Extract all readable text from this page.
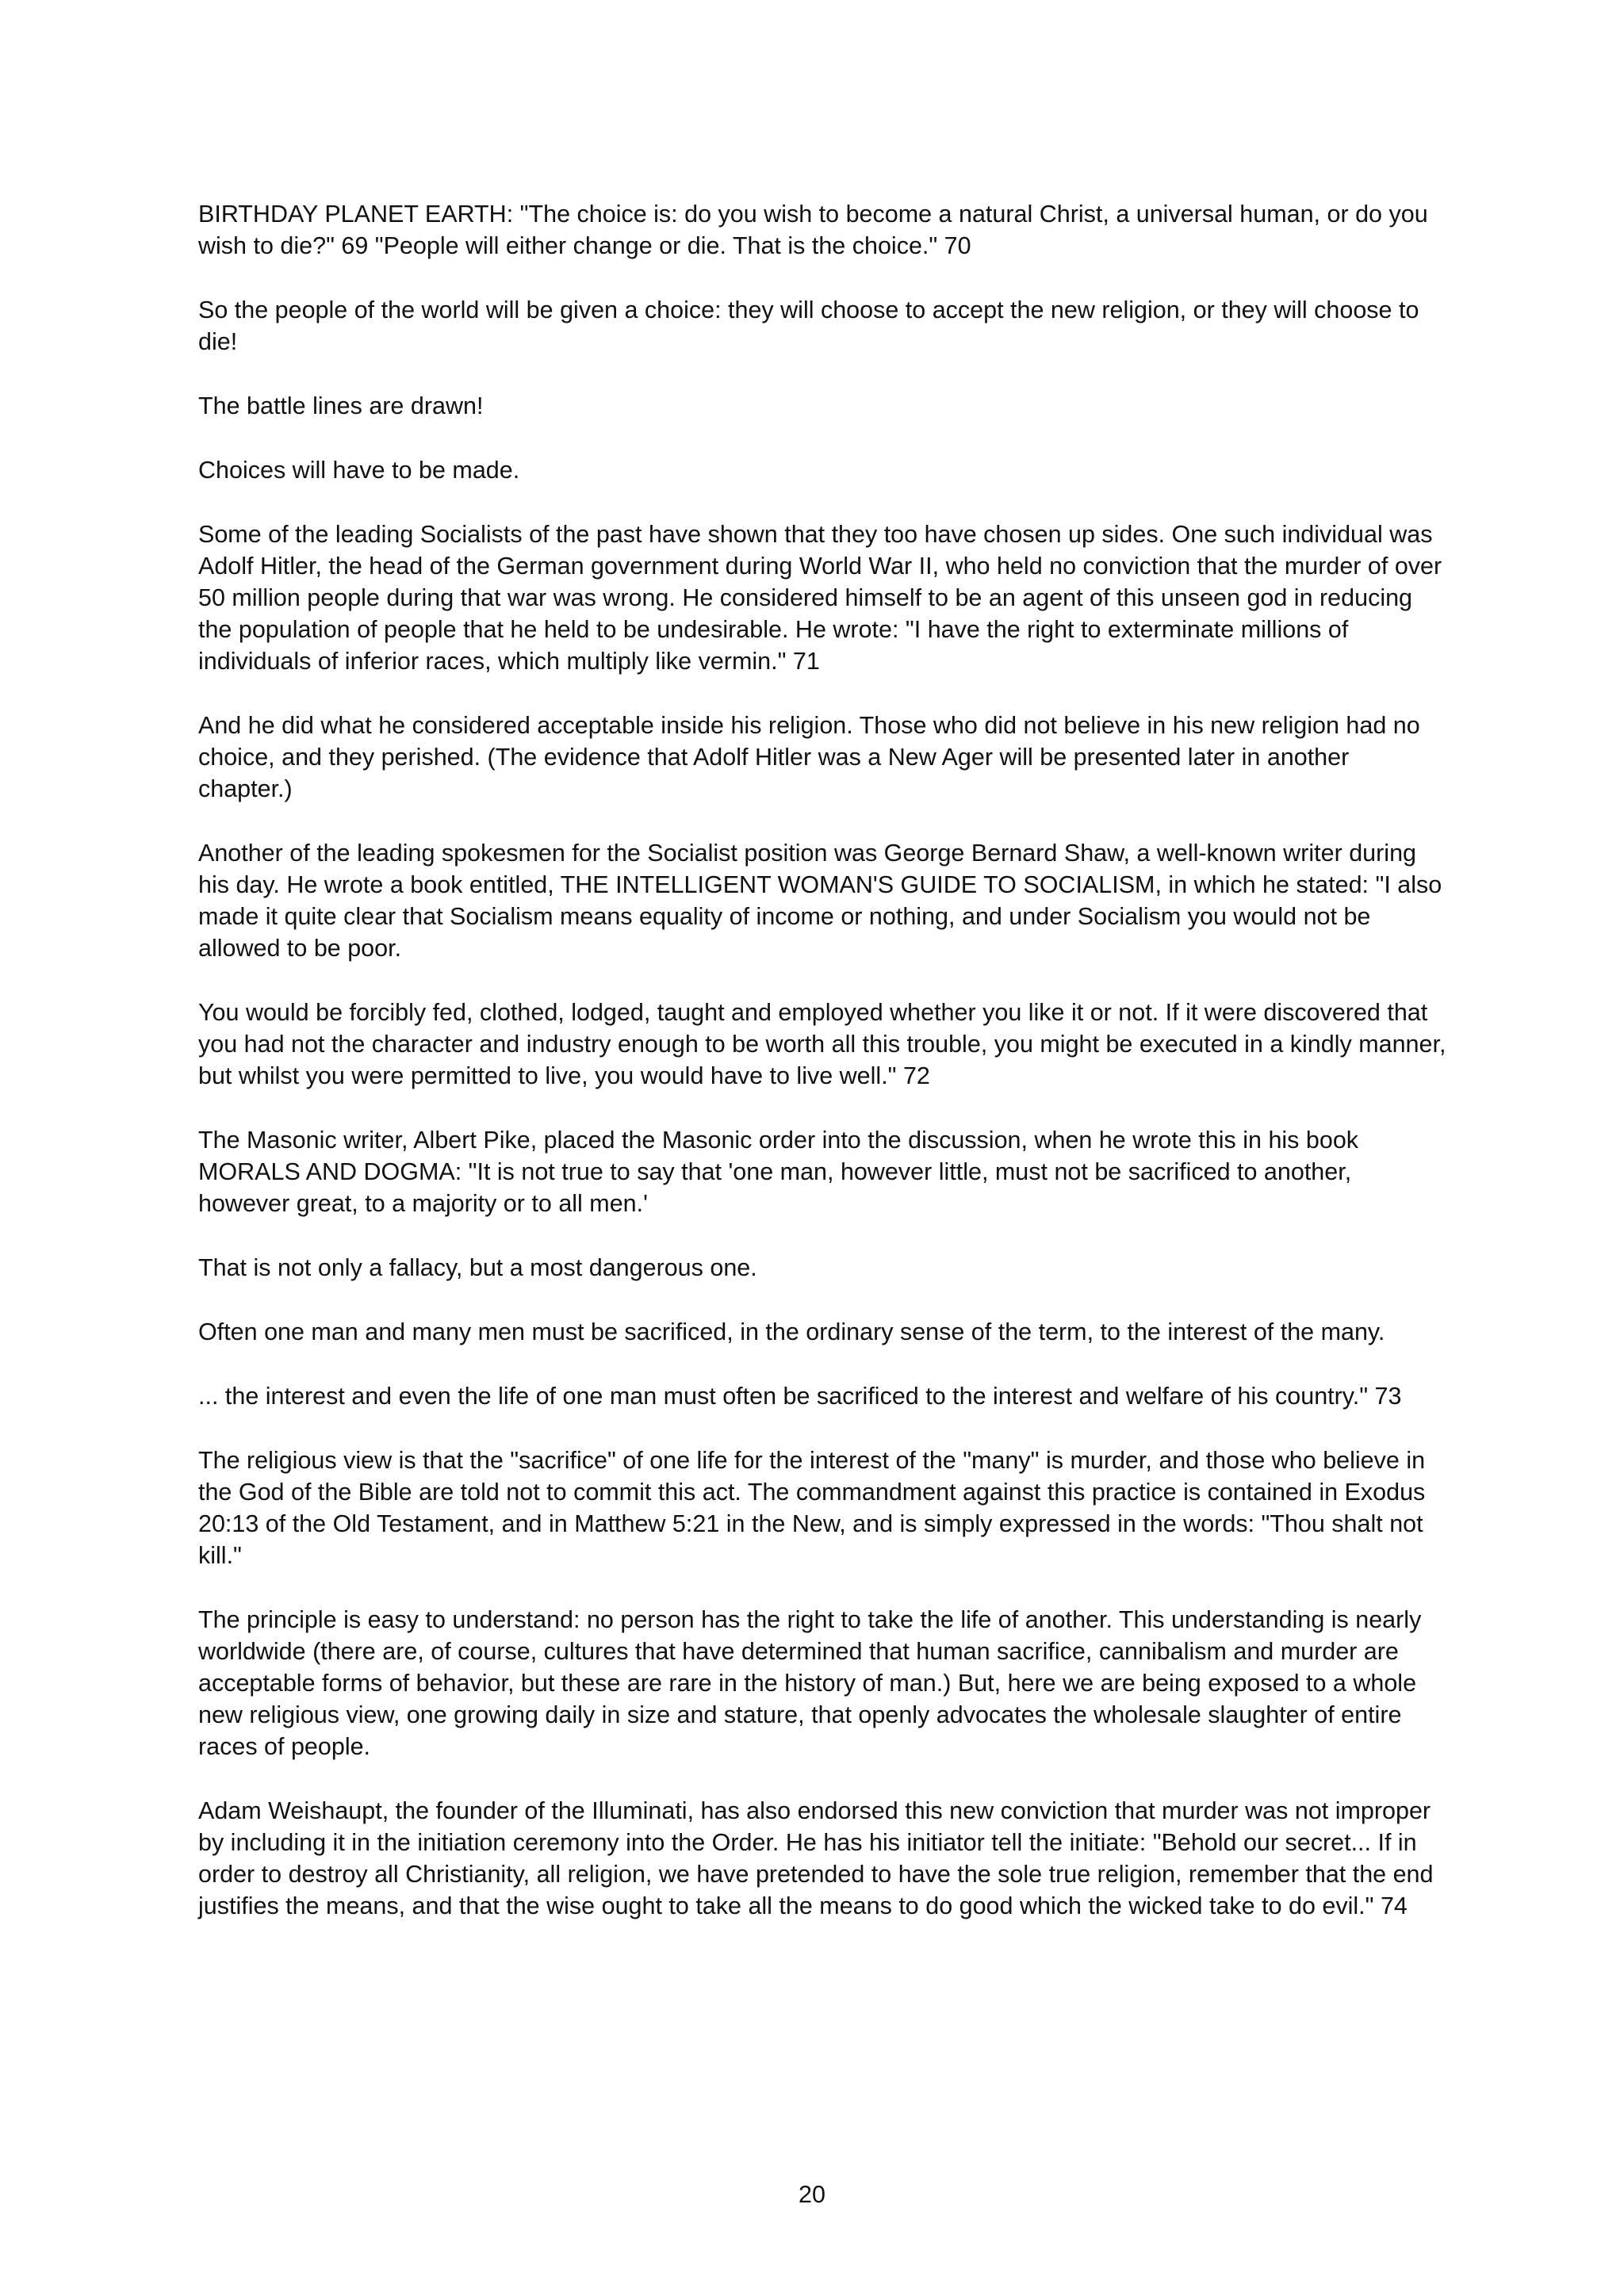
BIRTHDAY PLANET EARTH: "The choice is: do you wish to become a natural Christ, a universal human, or do you wish to die?" 69 "People will either change or die. That is the choice." 70

So the people of the world will be given a choice: they will choose to accept the new religion, or they will choose to die!

The battle lines are drawn!

Choices will have to be made.

Some of the leading Socialists of the past have shown that they too have chosen up sides. One such individual was Adolf Hitler, the head of the German government during World War II, who held no conviction that the murder of over 50 million people during that war was wrong. He considered himself to be an agent of this unseen god in reducing the population of people that he held to be undesirable. He wrote: "I have the right to exterminate millions of individuals of inferior races, which multiply like vermin." 71

And he did what he considered acceptable inside his religion. Those who did not believe in his new religion had no choice, and they perished. (The evidence that Adolf Hitler was a New Ager will be presented later in another chapter.)

Another of the leading spokesmen for the Socialist position was George Bernard Shaw, a well-known writer during his day. He wrote a book entitled, THE INTELLIGENT WOMAN'S GUIDE TO SOCIALISM, in which he stated: "I also made it quite clear that Socialism means equality of income or nothing, and under Socialism you would not be allowed to be poor.

You would be forcibly fed, clothed, lodged, taught and employed whether you like it or not. If it were discovered that you had not the character and industry enough to be worth all this trouble, you might be executed in a kindly manner, but whilst you were permitted to live, you would have to live well." 72

The Masonic writer, Albert Pike, placed the Masonic order into the discussion, when he wrote this in his book MORALS AND DOGMA: "It is not true to say that 'one man, however little, must not be sacrificed to another, however great, to a majority or to all men.'

That is not only a fallacy, but a most dangerous one.

Often one man and many men must be sacrificed, in the ordinary sense of the term, to the interest of the many.

... the interest and even the life of one man must often be sacrificed to the interest and welfare of his country." 73

The religious view is that the "sacrifice" of one life for the interest of the "many" is murder, and those who believe in the God of the Bible are told not to commit this act. The commandment against this practice is contained in Exodus 20:13 of the Old Testament, and in Matthew 5:21 in the New, and is simply expressed in the words: "Thou shalt not kill."

The principle is easy to understand: no person has the right to take the life of another. This understanding is nearly worldwide (there are, of course, cultures that have determined that human sacrifice, cannibalism and murder are acceptable forms of behavior, but these are rare in the history of man.) But, here we are being exposed to a whole new religious view, one growing daily in size and stature, that openly advocates the wholesale slaughter of entire races of people.

Adam Weishaupt, the founder of the Illuminati, has also endorsed this new conviction that murder was not improper by including it in the initiation ceremony into the Order. He has his initiator tell the initiate: "Behold our secret... If in order to destroy all Christianity, all religion, we have pretended to have the sole true religion, remember that the end justifies the means, and that the wise ought to take all the means to do good which the wicked take to do evil." 74

20
